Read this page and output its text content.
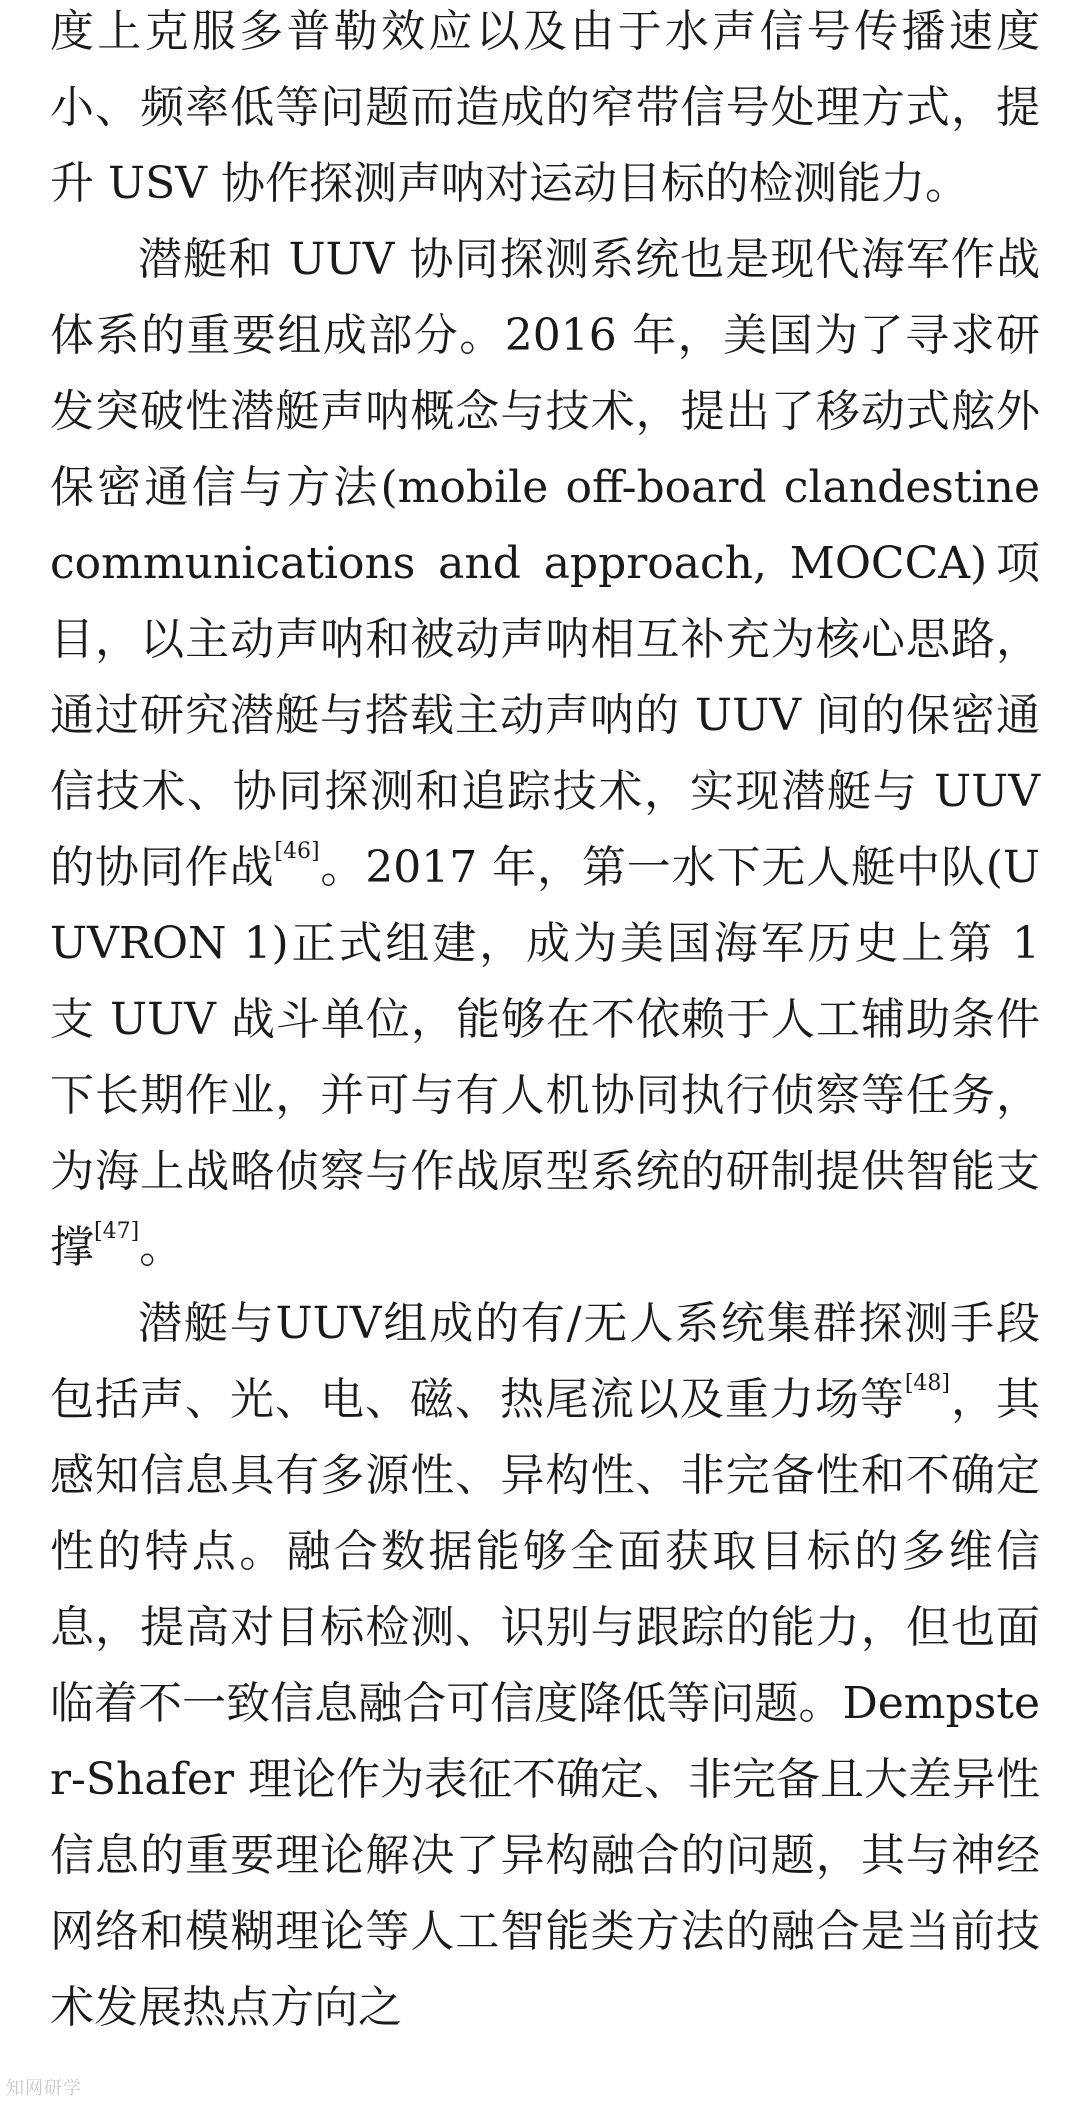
度上克服多普勒效应以及由于水声信号传播速度小、频率低等问题而造成的窄带信号处理方式，提升 USV 协作探测声呐对运动目标的检测能力。

潜艇和 UUV 协同探测系统也是现代海军作战体系的重要组成部分。2016 年，美国为了寻求研发突破性潜艇声呐概念与技术，提出了移动式舷外保密通信与方法(mobile off-board clandestine communications and approach, MOCCA)项目，以主动声呐和被动声呐相互补充为核心思路，通过研究潜艇与搭载主动声呐的 UUV 间的保密通信技术、协同探测和追踪技术，实现潜艇与 UUV 的协同作战[46]。2017 年，第一水下无人艇中队(UUVRON 1)正式组建，成为美国海军历史上第 1 支 UUV 战斗单位，能够在不依赖于人工辅助条件下长期作业，并可与有人机协同执行侦察等任务，为海上战略侦察与作战原型系统的研制提供智能支撑[47]。

潜艇与UUV组成的有/无人系统集群探测手段包括声、光、电、磁、热尾流以及重力场等[48]，其感知信息具有多源性、异构性、非完备性和不确定性的特点。融合数据能够全面获取目标的多维信息，提高对目标检测、识别与跟踪的能力，但也面临着不一致信息融合可信度降低等问题。Dempster-Shafer 理论作为表征不确定、非完备且大差异性信息的重要理论解决了异构融合的问题，其与神经网络和模糊理论等人工智能类方法的融合是当前技术发展热点方向之

知网研学
